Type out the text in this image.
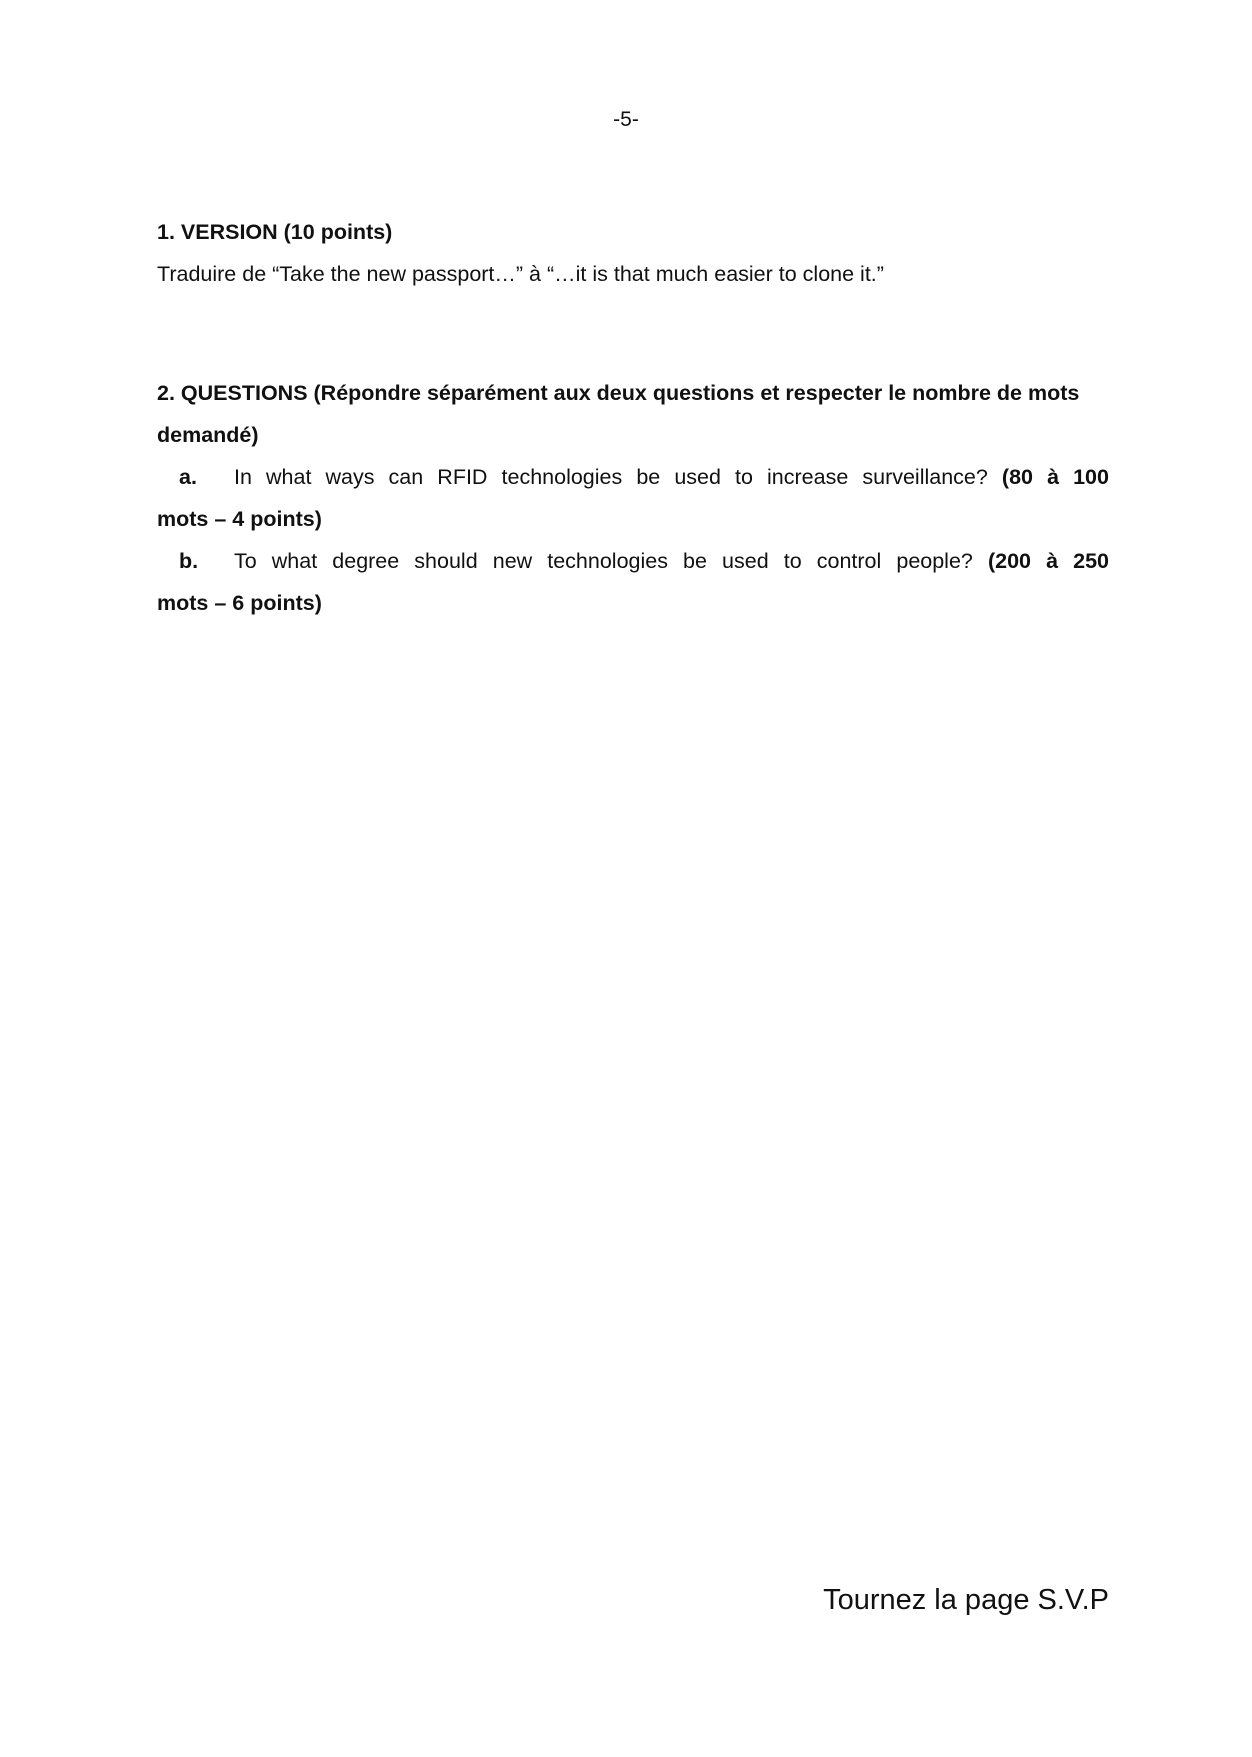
-5-
1. VERSION (10 points)
Traduire de “Take the new passport…” à “…it is that much easier to clone it.”
2. QUESTIONS (Répondre séparément aux deux questions et respecter le nombre de mots demandé)
a. In what ways can RFID technologies be used to increase surveillance? (80 à 100
mots – 4 points)
b. To what degree should new technologies be used to control people? (200 à 250
mots – 6 points)
Tournez la page S.V.P
